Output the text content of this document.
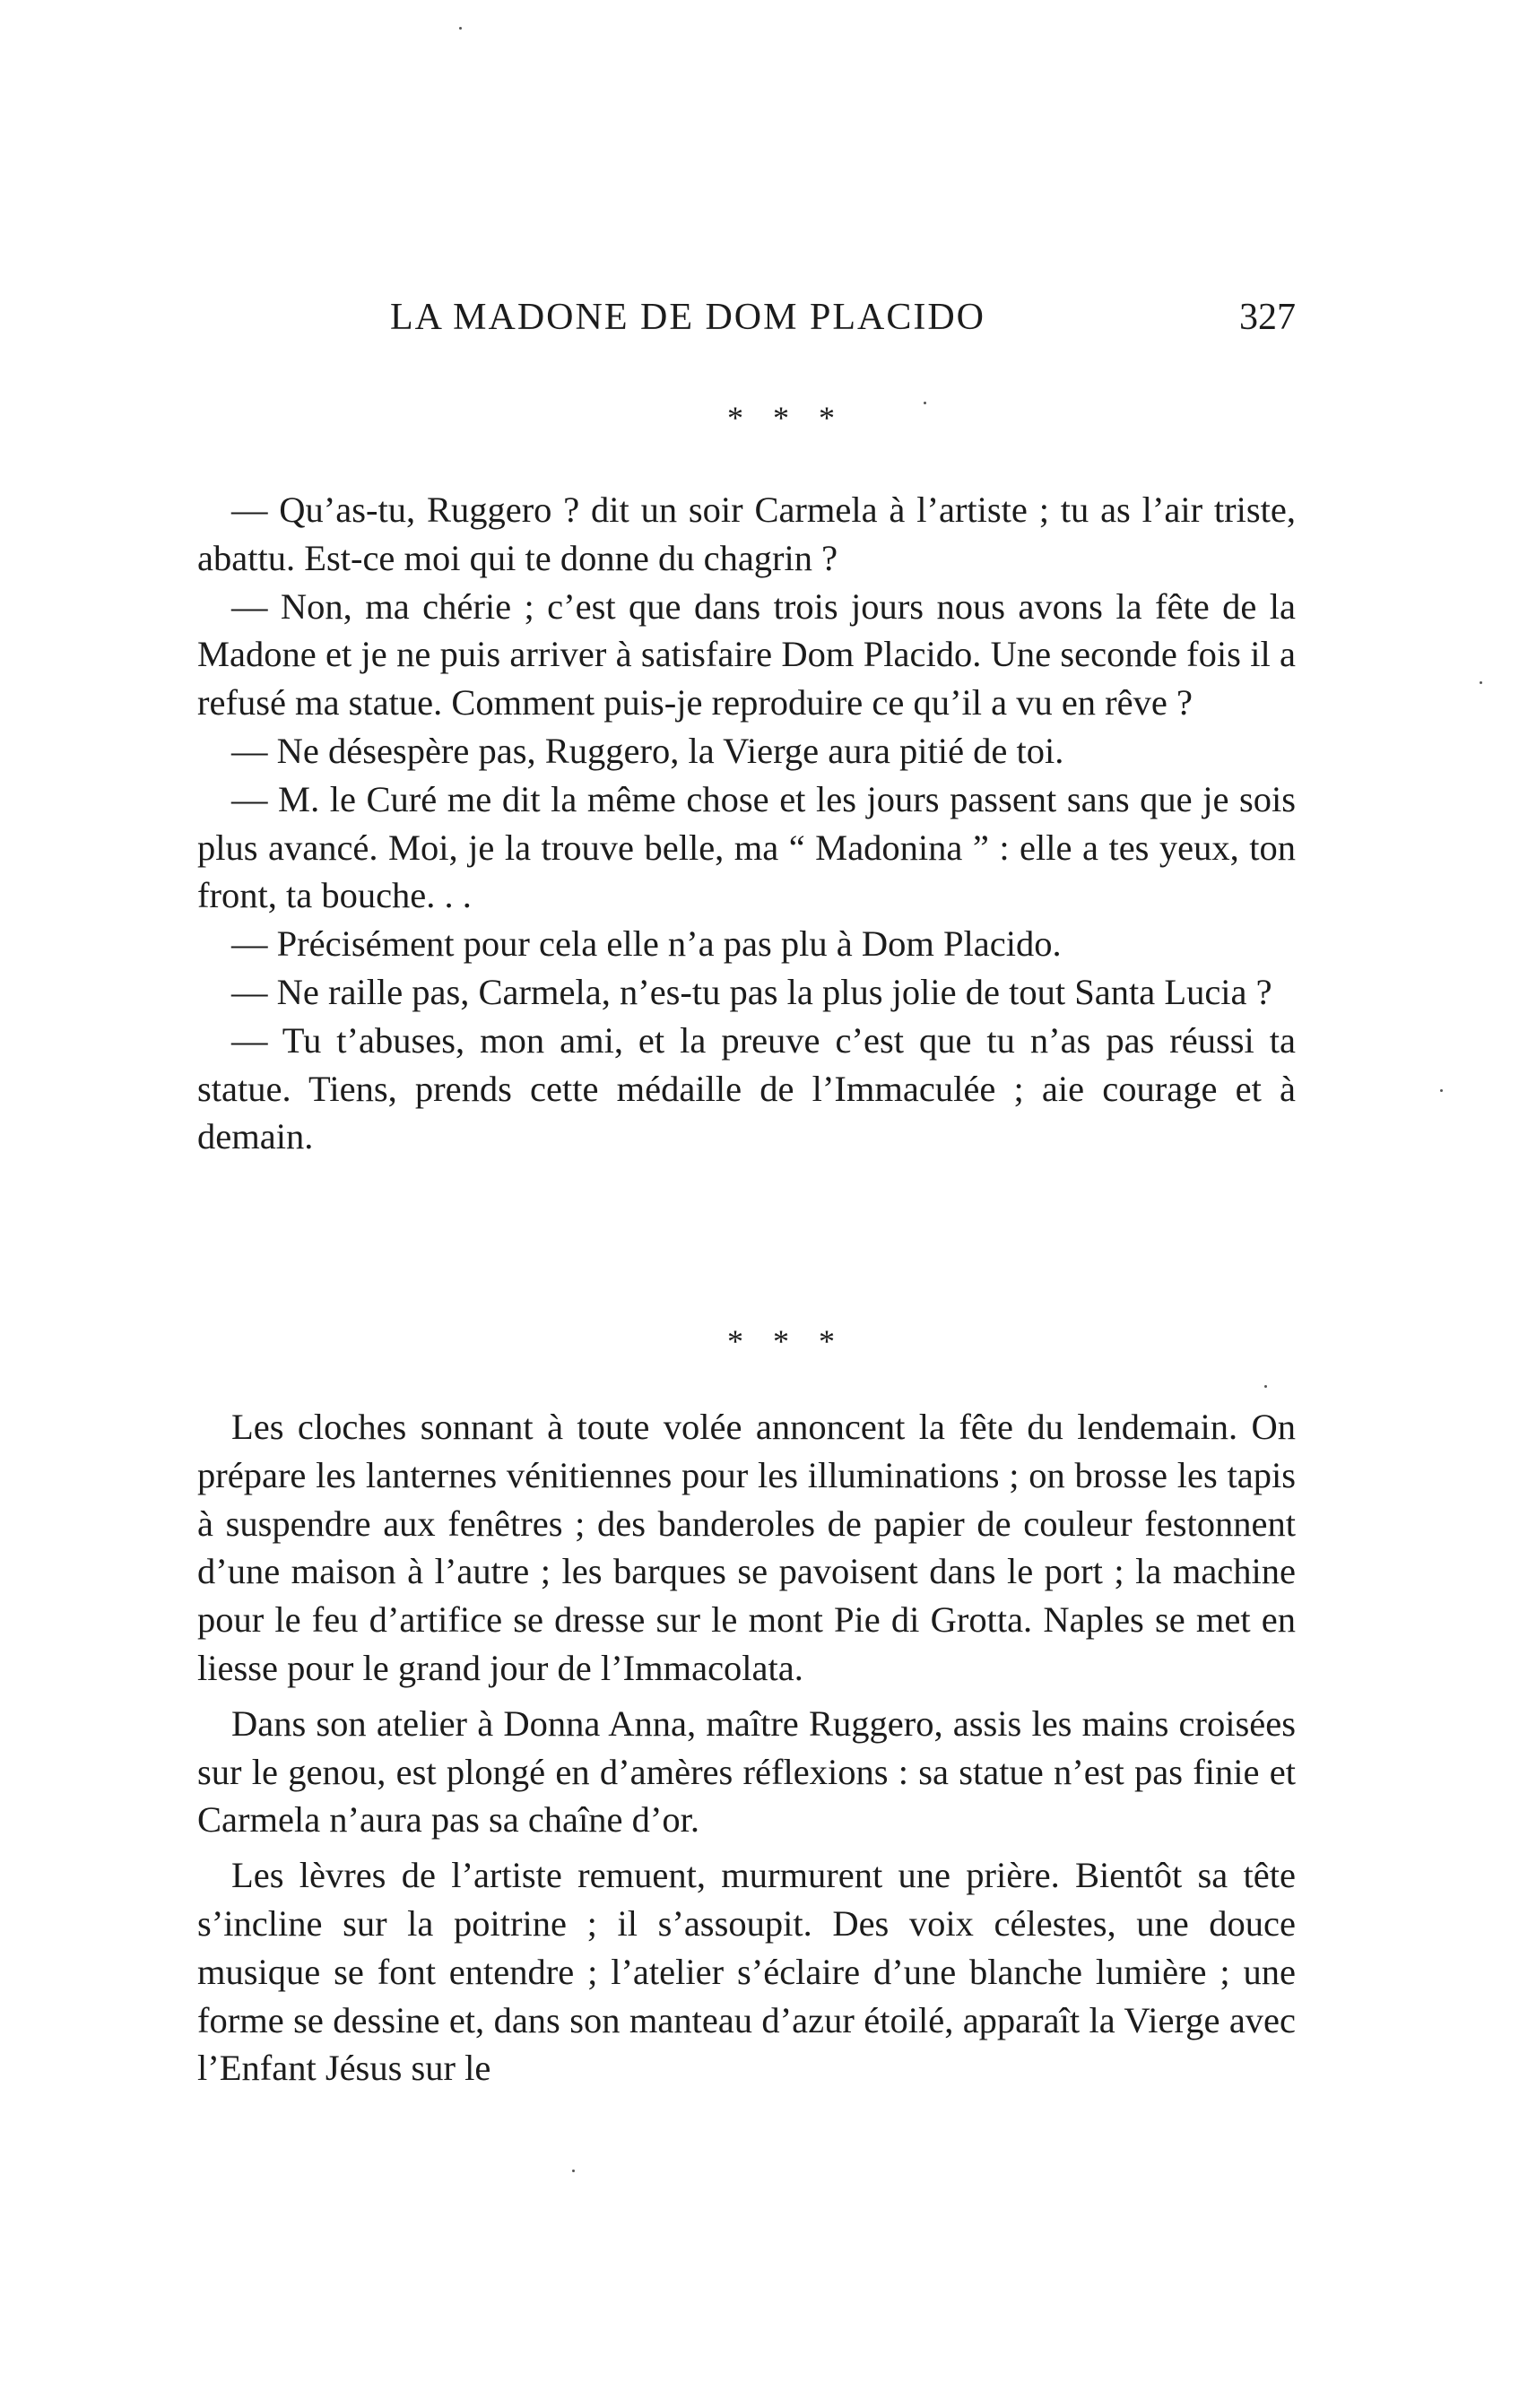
LA MADONE DE DOM PLACIDO	327
* * *

— Qu’as-tu, Ruggero ? dit un soir Carmela à l’artiste ; tu as l’air triste, abattu. Est-ce moi qui te donne du chagrin ?

— Non, ma chérie ; c’est que dans trois jours nous avons la fête de la Madone et je ne puis arriver à satisfaire Dom Placido. Une seconde fois il a refusé ma statue. Comment puis-je reproduire ce qu’il a vu en rêve ?

— Ne désespère pas, Ruggero, la Vierge aura pitié de toi.

— M. le Curé me dit la même chose et les jours passent sans que je sois plus avancé. Moi, je la trouve belle, ma “ Madonina ” : elle a tes yeux, ton front, ta bouche. . .

— Précisément pour cela elle n’a pas plu à Dom Placido.

— Ne raille pas, Carmela, n’es-tu pas la plus jolie de tout Santa Lucia ?

— Tu t’abuses, mon ami, et la preuve c’est que tu n’as pas réussi ta statue. Tiens, prends cette médaille de l’Immaculée ; aie courage et à demain.

* * *

Les cloches sonnant à toute volée annoncent la fête du lendemain. On prépare les lanternes vénitiennes pour les illuminations ; on brosse les tapis à suspendre aux fenêtres ; des banderoles de papier de couleur festonnent d’une maison à l’autre ; les barques se pavoisent dans le port ; la machine pour le feu d’artifice se dresse sur le mont Pie di Grotta. Naples se met en liesse pour le grand jour de l’Immacolata.

Dans son atelier à Donna Anna, maître Ruggero, assis les mains croisées sur le genou, est plongé en d’amères réflexions : sa statue n’est pas finie et Carmela n’aura pas sa chaîne d’or.

Les lèvres de l’artiste remuent, murmurent une prière. Bientôt sa tête s’incline sur la poitrine ; il s’assoupit. Des voix célestes, une douce musique se font entendre ; l’atelier s’éclaire d’une blanche lumière ; une forme se dessine et, dans son manteau d’azur étoilé, apparaît la Vierge avec l’Enfant Jésus sur le
